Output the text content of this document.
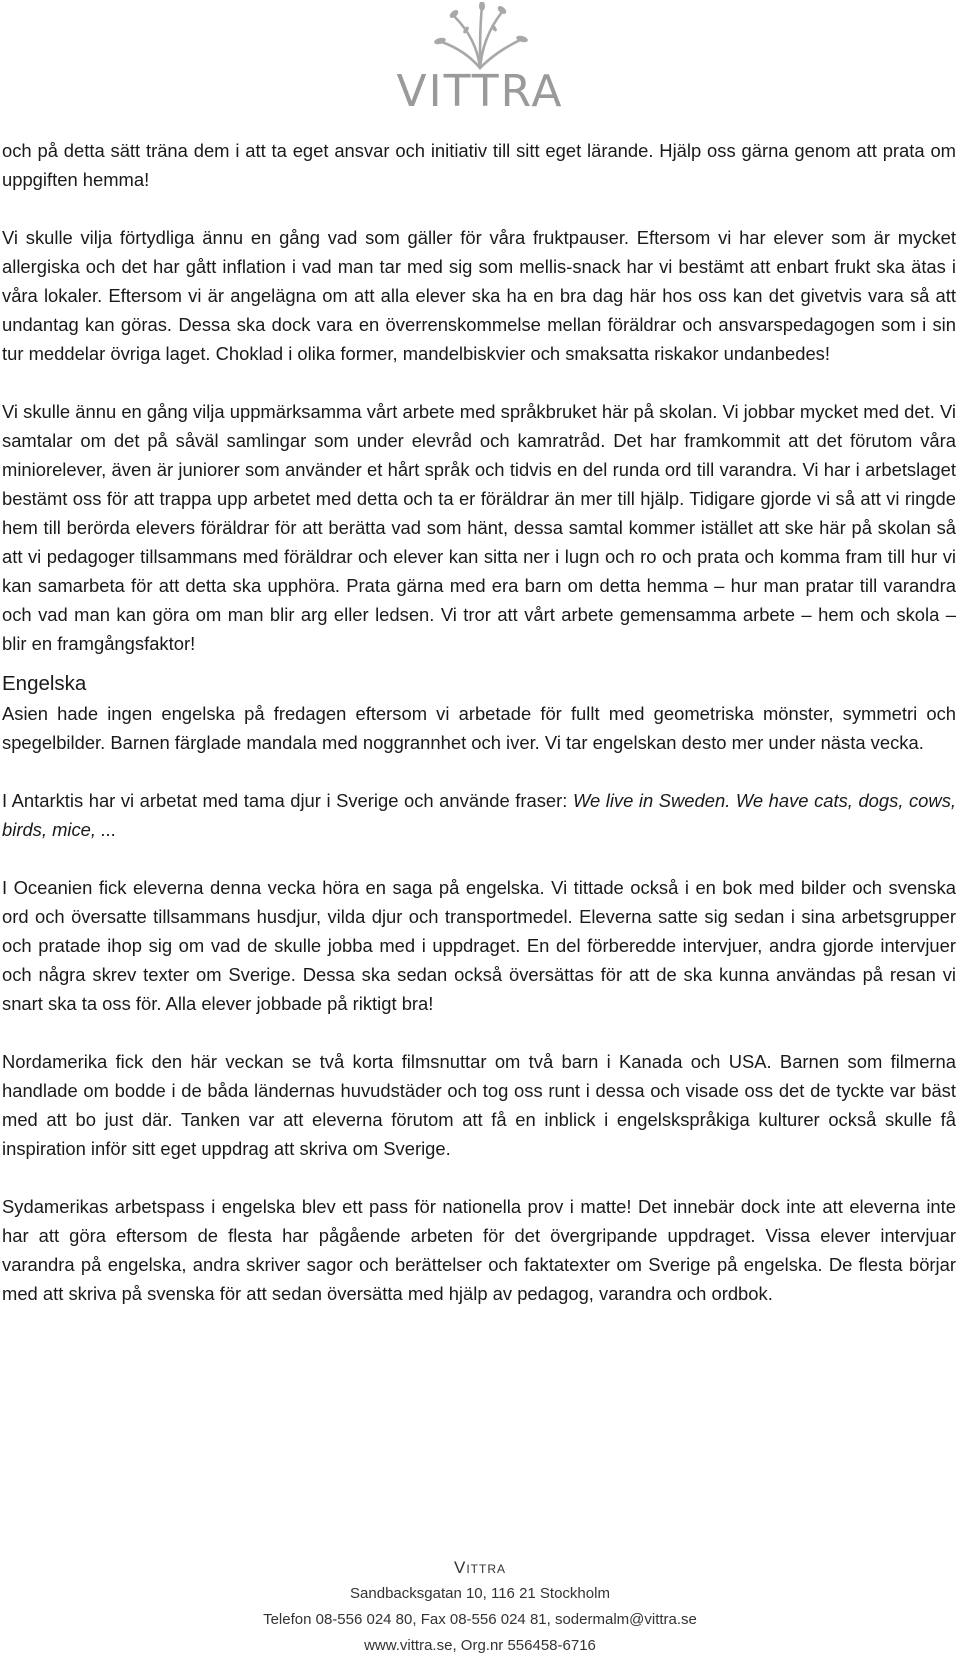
VITTRA

och på detta sätt träna dem i att ta eget ansvar och initiativ till sitt eget lärande. Hjälp oss gärna genom att prata om uppgiften hemma!

Vi skulle vilja förtydliga ännu en gång vad som gäller för våra fruktpauser. Eftersom vi har elever som är mycket allergiska och det har gått inflation i vad man tar med sig som mellis-snack har vi bestämt att enbart frukt ska ätas i våra lokaler. Eftersom vi är angelägna om att alla elever ska ha en bra dag här hos oss kan det givetvis vara så att undantag kan göras. Dessa ska dock vara en överrenskommelse mellan föräldrar och ansvarspedagogen som i sin tur meddelar övriga laget. Choklad i olika former, mandelbiskvier och smaksatta riskakor undanbedes!

Vi skulle ännu en gång vilja uppmärksamma vårt arbete med språkbruket här på skolan. Vi jobbar mycket med det. Vi samtalar om det på såväl samlingar som under elevråd och kamratråd. Det har framkommit att det förutom våra miniorelever, även är juniorer som använder et hårt språk och tidvis en del runda ord till varandra. Vi har i arbetslaget bestämt oss för att trappa upp arbetet med detta och ta er föräldrar än mer till hjälp. Tidigare gjorde vi så att vi ringde hem till berörda elevers föräldrar för att berätta vad som hänt, dessa samtal kommer istället att ske här på skolan så att vi pedagoger tillsammans med föräldrar och elever kan sitta ner i lugn och ro och prata och komma fram till hur vi kan samarbeta för att detta ska upphöra. Prata gärna med era barn om detta hemma – hur man pratar till varandra och vad man kan göra om man blir arg eller ledsen. Vi tror att vårt arbete gemensamma arbete – hem och skola – blir en framgångsfaktor!

Engelska

Asien hade ingen engelska på fredagen eftersom vi arbetade för fullt med geometriska mönster, symmetri och spegelbilder. Barnen färglade mandala med noggrannhet och iver. Vi tar engelskan desto mer under nästa vecka.

I Antarktis har vi arbetat med tama djur i Sverige och använde fraser: We live in Sweden. We have cats, dogs, cows, birds, mice, ...

I Oceanien fick eleverna denna vecka höra en saga på engelska. Vi tittade också i en bok med bilder och svenska ord och översatte tillsammans husdjur, vilda djur och transportmedel. Eleverna satte sig sedan i sina arbetsgrupper och pratade ihop sig om vad de skulle jobba med i uppdraget. En del förberedde intervjuer, andra gjorde intervjuer och några skrev texter om Sverige. Dessa ska sedan också översättas för att de ska kunna användas på resan vi snart ska ta oss för. Alla elever jobbade på riktigt bra!

Nordamerika fick den här veckan se två korta filmsnuttar om två barn i Kanada och USA. Barnen som filmerna handlade om bodde i de båda ländernas huvudstäder och tog oss runt i dessa och visade oss det de tyckte var bäst med att bo just där. Tanken var att eleverna förutom att få en inblick i engelskspråkiga kulturer också skulle få inspiration inför sitt eget uppdrag att skriva om Sverige.

Sydamerikas arbetspass i engelska blev ett pass för nationella prov i matte! Det innebär dock inte att eleverna inte har att göra eftersom de flesta har pågående arbeten för det övergripande uppdraget. Vissa elever intervjuar varandra på engelska, andra skriver sagor och berättelser och faktatexter om Sverige på engelska. De flesta börjar med att skriva på svenska för att sedan översätta med hjälp av pedagog, varandra och ordbok.

Vittra
Sandbacksgatan 10, 116 21 Stockholm
Telefon 08-556 024 80, Fax 08-556 024 81, sodermalm@vittra.se
www.vittra.se, Org.nr 556458-6716
